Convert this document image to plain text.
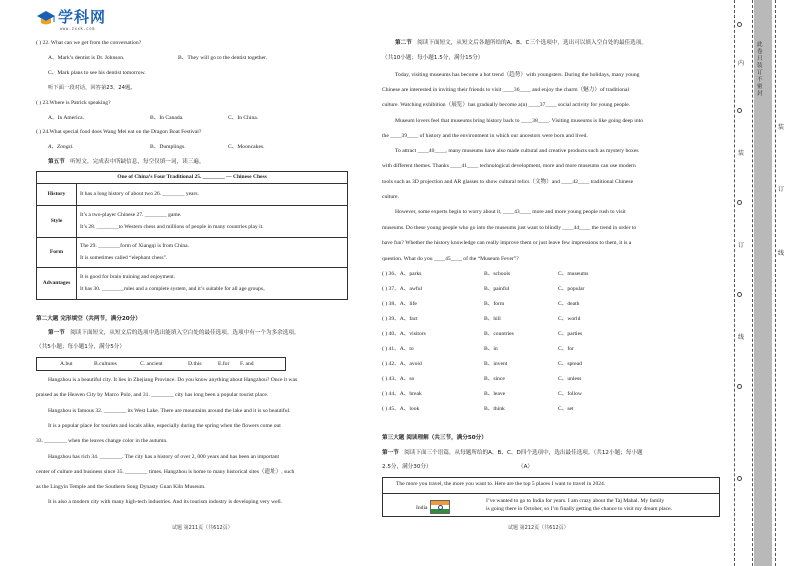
学科网
www.zxxk.com
( ) 22. What can we get from the conversation?
A、Mark’s dentist is Dr. Johnson.	B、They will go to the dentist together.
C、Mark plans to see his dentist tomorrow.
听下面一段对话，回答第23、24题。
( ) 23.Where is Patrick speaking?
A、In America.	B、In Canada.	C、In China.
( ) 24.What special food does Wang Mei eat on the Dragon Boat Festival?
A、Zongzi.	B、Dumplings.	C、Mooncakes.
第五节 听短文，完成表中所缺信息，每空仅填一词，读三遍。
One of China’s Four Traditional 25. ________ — Chinese Chess	
History	It has a long history of about two 26. ________ years.

Style	It’s a two-player Chinese 27. ________ game.
It’s 28. ________to Western chess and millions of people in many countries play it.

Form	The 29. ________form of Xiangqi is from China.
It is sometimes called “elephant chess”.

Advantages	It is good for brain training and enjoyment.
It has 30. ________rules and a complete system, and it’s suitable for all age groups。
第二大题 完形填空（共两节，满分20分）
第一节 阅读下面短文，从短文后的选项中选出能填入空白处的最佳选项。选项中有一个为多余选项。
（共5小题；每小题1分，满分5分）
A.but	B.cultures	C. ancient	D.this	E.for F. and
Hangzhou is a beautiful city. It lies in Zhejiang Province. Do you know anything about Hangzhou? Once it was
praised as the Heaven City by Marco Polo, and 31. ________ city has long been a popular tourist place.
Hangzhou is famous 32. ________ its West Lake. There are mountains around the lake and it is so beautiful.
It is a popular place for tourists and locals alike, especially during the spring when the flowers come out
33. ________ when the leaves change color in the autumn.
Hangzhou has rich 34. ________. The city has a history of over 2, 000 years and has been an important
center of culture and business since 35. ________ times. Hangzhou is home to many historical sites（遗址）, such
as the Lingyin Temple and the Southern Song Dynasty Guan Kiln Museum.
It is also a modern city with many high-tech industries. And its tourism industry is developing very well.
试题 第211页（共612页）
第二节 阅读下面短文，从短文后各题所给的A、B、C三个选项中，选出可以填入空白处的最佳选项。
（共10小题；每小题1.5分，满分15分）
Today, visiting museums has become a hot trend（趋势）with youngsters. During the holidays, many young
Chinese are interested in inviting their friends to visit ____36____ and enjoy the charm（魅力）of traditional
culture. Watching exhibition（展览）has gradually become a(n) ____37____ social activity for young people.
Museum lovers feel that museums bring history back to ____38____. Visiting museums is like going deep into
the ____39____ of history and the environment in which our ancestors were born and lived.
To attract ____40____, many museums have also made cultural and creative products such as mystery boxes
with different themes. Thanks ____41____ technological development, more and more museums can use modern
tools such as 3D projection and AR glasses to show cultural relics（文物）and ____42____ traditional Chinese
culture.
However, some experts begin to worry about it, ____43____ more and more young people rush to visit
museums. Do these young people who go into the museums just want to blindly ____44____ the trend in order to
have fun? Whether the history knowledge can really improve them or just leave few impressions to them, it is a
question. What do you ____45____ of the “Museum Fever”?
( ) 36、A、parks	B、schools	C、museums
( ) 37、A、awful	B、painful	C、popular
( ) 38、A、life	B、form	C、death
( ) 39、A、fact	B、hill	C、world
( ) 40、A、visitors	B、countries	C、parties
( ) 41、A、to	B、in	C、for
( ) 42、A、avoid	B、invent	C、spread
( ) 43、A、so	B、since	C、unless
( ) 44、A、break	B、leave	C、follow
( ) 45、A、look	B、think	C、set
第三大题 阅读理解（共三节，满分50分）
第一节 阅读下面三个语篇，从每题所给的A、B、C、D四个选项中，选出最佳选项。（共12小题；每小题
2.5分，满分30分）	（A）
The more you travel, the more you want to. Here are the top 5 places I want to travel in 2024.
India
I’ve wanted to go to India for years. I am crazy about the Taj Mahal. My family
is going there in October, so I’m finally getting the chance to visit my dream place.
试题 第212页（共612页）
内
装
订
线
装
订
线
此卷只装订不密封
